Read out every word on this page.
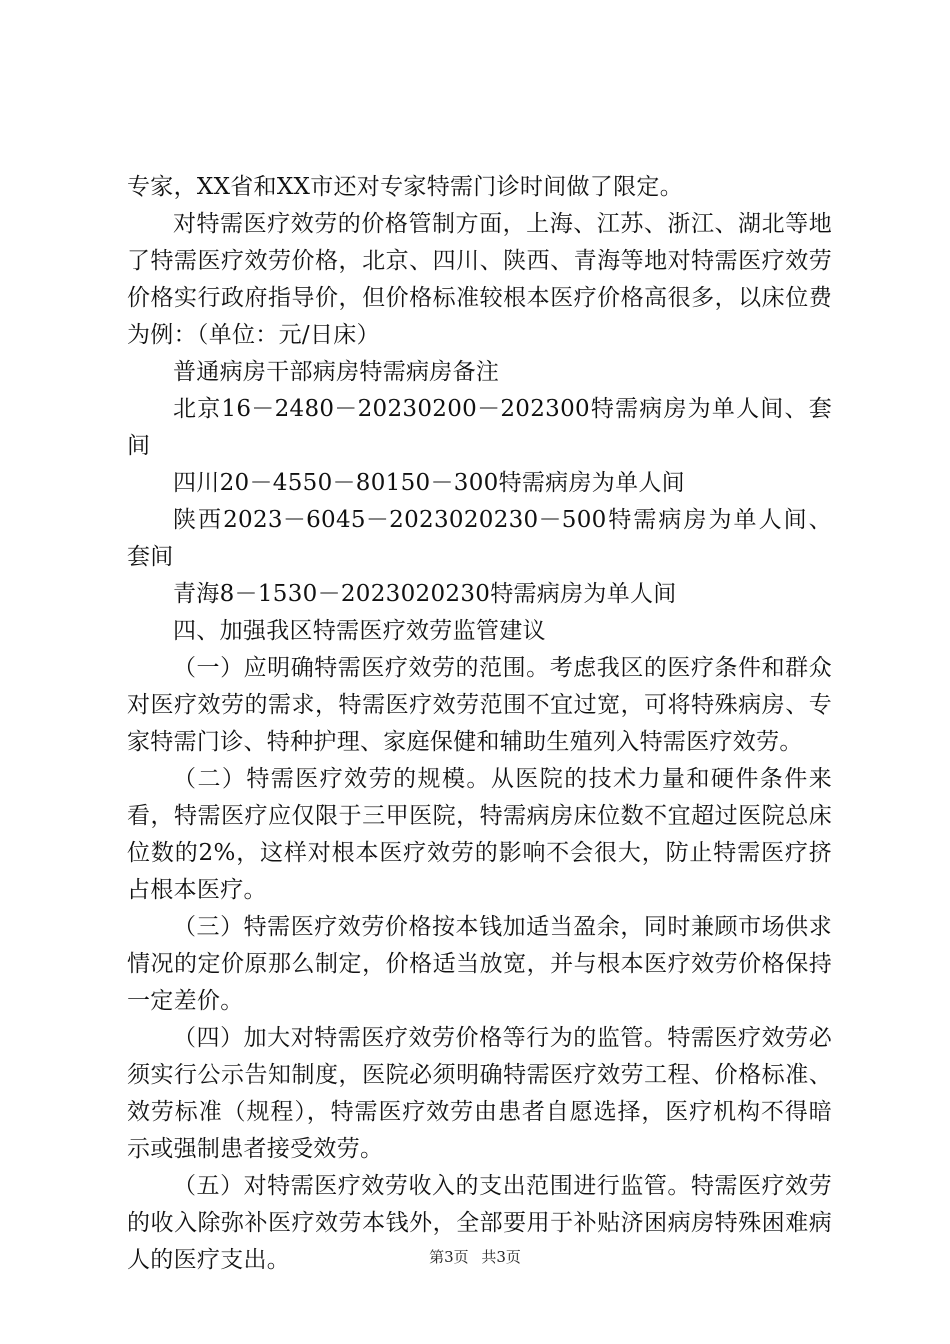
专家，XX省和XX市还对专家特需门诊时间做了限定。

对特需医疗效劳的价格管制方面，上海、江苏、浙江、湖北等地了特需医疗效劳价格，北京、四川、陕西、青海等地对特需医疗效劳价格实行政府指导价，但价格标准较根本医疗价格高很多，以床位费为例：（单位：元/日床）

普通病房干部病房特需病房备注

北京16－2480－20230200－202300特需病房为单人间、套间

四川20－4550－80150－300特需病房为单人间

陕西2023－6045－2023020230－500特需病房为单人间、套间

青海8－1530－2023020230特需病房为单人间

四、加强我区特需医疗效劳监管建议

（一）应明确特需医疗效劳的范围。考虑我区的医疗条件和群众对医疗效劳的需求，特需医疗效劳范围不宜过宽，可将特殊病房、专家特需门诊、特种护理、家庭保健和辅助生殖列入特需医疗效劳。

（二）特需医疗效劳的规模。从医院的技术力量和硬件条件来看，特需医疗应仅限于三甲医院，特需病房床位数不宜超过医院总床位数的2%，这样对根本医疗效劳的影响不会很大，防止特需医疗挤占根本医疗。

（三）特需医疗效劳价格按本钱加适当盈余，同时兼顾市场供求情况的定价原那么制定，价格适当放宽，并与根本医疗效劳价格保持一定差价。

（四）加大对特需医疗效劳价格等行为的监管。特需医疗效劳必须实行公示告知制度，医院必须明确特需医疗效劳工程、价格标准、效劳标准（规程），特需医疗效劳由患者自愿选择，医疗机构不得暗示或强制患者接受效劳。

（五）对特需医疗效劳收入的支出范围进行监管。特需医疗效劳的收入除弥补医疗效劳本钱外，全部要用于补贴济困病房特殊困难病人的医疗支出。	第3页 共3页
